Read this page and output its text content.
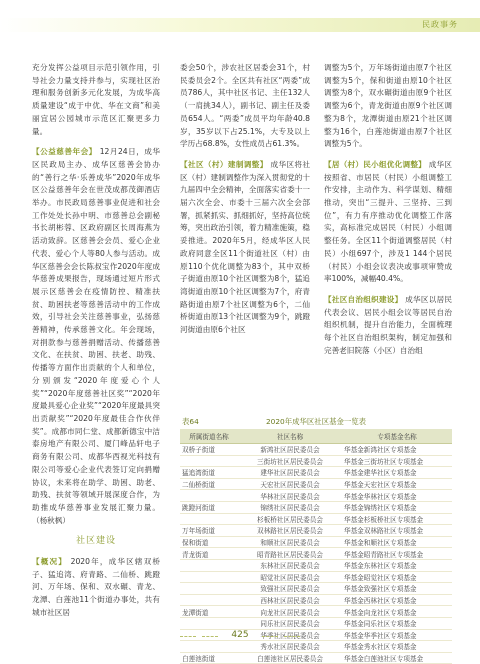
民政事务

充分发挥公益项目示范引领作用，引导社会力量支持并参与，实现社区治理和服务创新多元化发展，为成华高质量建设“成于中优、华在文商”和美丽宜居公园城市示范区汇聚更多力量。

【公益慈善年会】 12月24日，成华区民政局主办、成华区慈善会协办的“善行之华·乐善成华”2020年成华区公益慈善年会在世茂成都茂御酒店举办。市民政局慈善事业促进和社会工作处处长孙中明、市慈善总会副秘书长胡彬蓉、区政府副区长周海燕为活动致辞。区慈善会会员、爱心企业代表、爱心个人等80人参与活动。成华区慈善会会长陈叔宝作2020年度成华慈善成果报告，现场通过短片形式展示区慈善会在疫情防控、精准扶贫、助困扶老等慈善活动中的工作成效，引导社会关注慈善事业，弘扬慈善精神，传承慈善文化。年会现场，对捐款参与慈善捐赠活动、传播慈善文化、在扶贫、助困、扶老、助残、传播等方面作出贡献的个人和单位，分别颁发“2020年度爱心个人奖”“2020年度慈善社区奖”“2020年度最具爱心企业奖”“2020年度最具突出贡献奖”“2020年度最佳合作伙伴奖”。成都市同仁堂、成都新德宝中洁泰房地产有限公司、厦门峰品轩电子商务有限公司、成都华西视光科技有限公司等爱心企业代表签订定向捐赠协议，未来将在助学、助困、助老、助残、扶贫等领域开展深度合作，为助推成华慈善事业发展汇聚力量。 （杨秋枫）

社区建设

【概况】 2020年，成华区辖双桥子、猛追湾、府青路、二仙桥、跳蹬河、万年场、保和、双水碾、青龙、龙潭、白莲池11个街道办事处，共有城市社区居

委会50个，涉农社区居委会31个，村民委员会2个。全区共有社区“两委”成员786人，其中社区书记、主任132人（一肩挑34人），副书记、副主任及委员654人。“两委”成员平均年龄40.8岁，35岁以下占25.1%，大专及以上学历占68.8%，女性成员占61.3%。

【社区（村）建制调整】 成华区将社区（村）建制调整作为深入贯彻党的十九届四中全会精神，全面落实省委十一届六次全会、市委十三届六次全会部署，抓紧抓实、抓细抓好，坚持高位统筹，突出政治引领，着力精准施策，稳妥推进。2020年5月，经成华区人民政府同意全区11个街道社区（村）由原110个优化调整为83个，其中双桥子街道由原10个社区调整为8个，猛追湾街道由原10个社区调整为7个，府青路街道由原7个社区调整为6个，二仙桥街道由原13个社区调整为9个，跳蹬河街道由原6个社区

调整为5个，万年场街道由原7个社区调整为5个，保和街道由原10个社区调整为8个，双水碾街道由原9个社区调整为6个，青龙街道由原9个社区调整为8个，龙潭街道由原21个社区调整为16个，白莲池街道由原7个社区调整为5个。

【居（村）民小组优化调整】 成华区按照省、市居民（村民）小组调整工作安排，主动作为、科学谋划、精细推动，突出“三提升、三坚持、三到位”，有力有序推动优化调整工作落实，高标准完成居民（村民）小组调整任务。全区11个街道调整居民（村民）小组697个，涉及1 144个居民（村民）小组会议表决或事项审赞成率100%，减幅40.4%。

【社区自治组织建设】 成华区以居民代表会议、居民小组会议等居民自治组织机制，提升自治能力，全面梳理每个社区自治组织架构，制定加强和完善老旧院落（小区）自治组

表64	2020年成华区社区基金一览表
所属街道名称	社区名称	专项基金名称
双桥子街道	新鸿社区居民委员会	华基金新鸿社区专项基金
	三街坊社区居民委员会	华基金三街坊社区专项基金
猛追湾街道	建华社区居民委员会	华基金建华社区专项基金
二仙桥街道	天宏社区居民委员会	华基金天宏社区专项基金
	华林社区居民委员会	华基金华林社区专项基金
跳蹬河街道	锦绣社区居民委员会	华基金锦绣社区专项基金
	杉板桥社区居民委员会	华基金杉板桥社区专项基金
万年场街道	双林路社区居民委员会	华基金双林路社区专项基金
保和街道	和顺社区居民委员会	华基金和顺社区专项基金
青龙街道	昭青路社区居民委员会	华基金昭青路社区专项基金
	东林社区居民委员会	华基金东林社区专项基金
	昭觉社区居民委员会	华基金昭觉社区专项基金
	致强社区居民委员会	华基金致强社区专项基金
	西林社区居民委员会	华基金西林社区专项基金
龙潭街道	向龙社区居民委员会	华基金向龙社区专项基金
	同乐社区居民委员会	华基金同乐社区专项基金
	华季社区居民委员会	华基金华季社区专项基金
	秀水社区居民委员会	华基金秀水社区专项基金
白莲池街道	白莲池社区居民委员会	华基金白莲池社区专项基金
425
